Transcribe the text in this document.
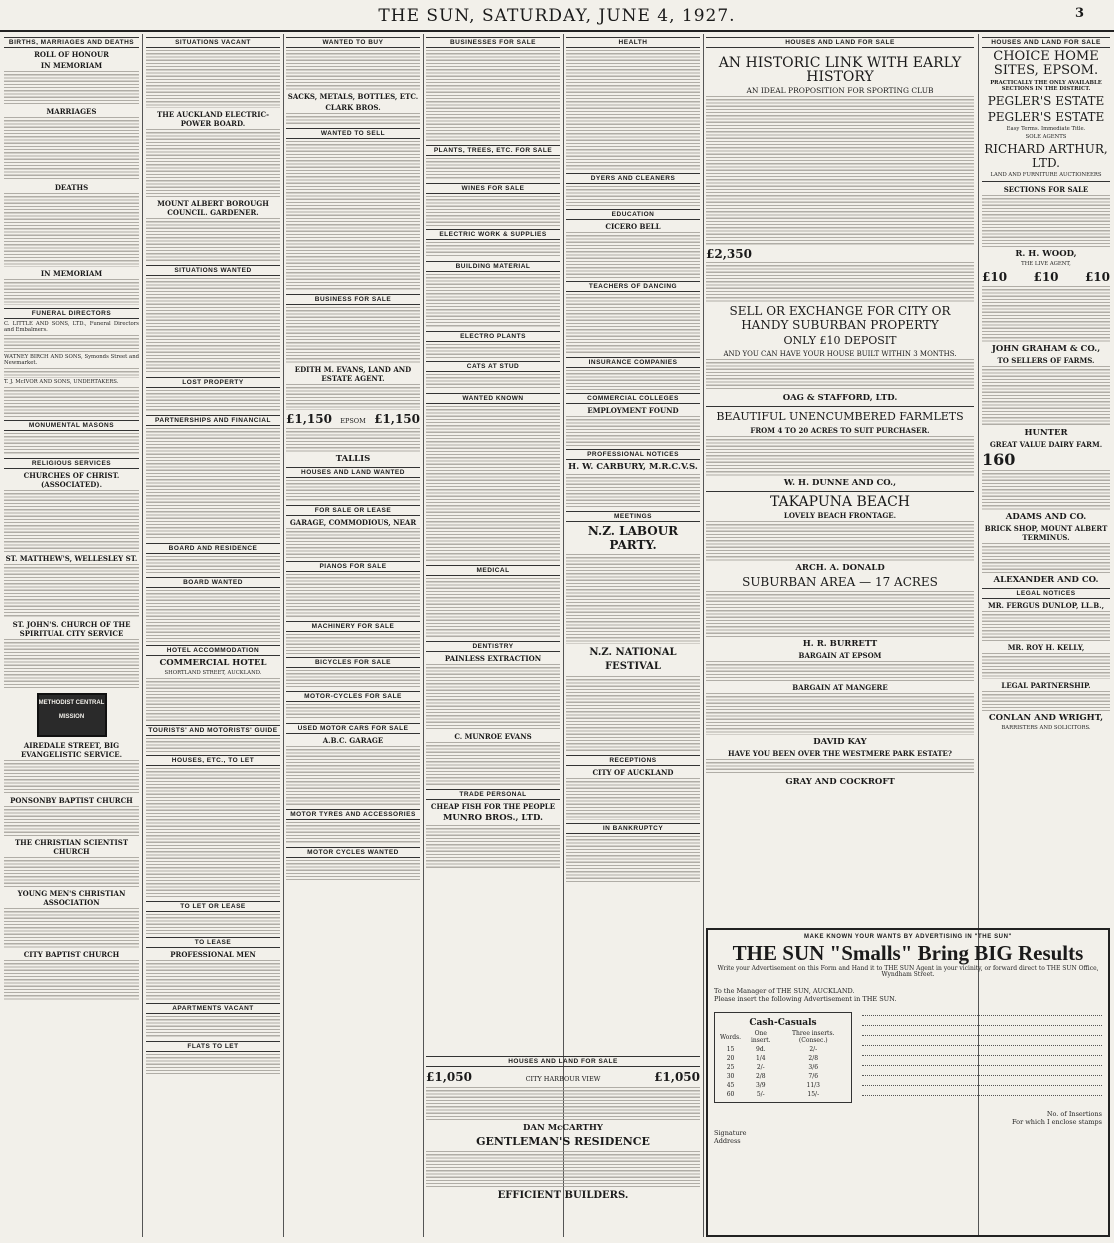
THE SUN, SATURDAY, JUNE 4, 1927.	3
BIRTHS, MARRIAGES AND DEATHS
ROLL OF HONOUR
IN MEMORIAM
MARRIAGES
DEATHS
IN MEMORIAM
FUNERAL DIRECTORS
C. LITTLE AND SONS, LTD., Funeral Directors and Embalmers.
WATNEY BIRCH AND SONS, Symonds Street and Newmarket.
T. J. McIVOR AND SONS, UNDERTAKERS.
MONUMENTAL MASONS
RELIGIOUS SERVICES
CHURCHES OF CHRIST. (ASSOCIATED).
ST. MATTHEW'S, WELLESLEY ST.
ST. JOHN'S. CHURCH OF THE SPIRITUAL CITY SERVICE
METHODIST CENTRAL MISSION
AIREDALE STREET, BIG EVANGELISTIC SERVICE.
PONSONBY BAPTIST CHURCH
THE CHRISTIAN SCIENTIST CHURCH
YOUNG MEN'S CHRISTIAN ASSOCIATION
CITY BAPTIST CHURCH
SITUATIONS VACANT
THE AUCKLAND ELECTRIC-POWER BOARD.
MOUNT ALBERT BOROUGH COUNCIL. GARDENER.
SITUATIONS WANTED
LOST PROPERTY
PARTNERSHIPS AND FINANCIAL
BOARD AND RESIDENCE
BOARD WANTED
HOTEL ACCOMMODATION
COMMERCIAL HOTEL
SHORTLAND STREET, AUCKLAND.
TOURISTS' AND MOTORISTS' GUIDE
HOUSES, ETC., TO LET
TO LET OR LEASE
TO LEASE
PROFESSIONAL MEN
APARTMENTS VACANT
FLATS TO LET
WANTED TO BUY
SACKS, METALS, BOTTLES, ETC.
CLARK BROS.
WANTED TO SELL
BUSINESS FOR SALE
EDITH M. EVANS, LAND AND ESTATE AGENT.
£1,150 EPSOM £1,150
TALLIS
HOUSES AND LAND WANTED
FOR SALE OR LEASE
GARAGE, COMMODIOUS, NEAR
PIANOS FOR SALE
MACHINERY FOR SALE
BICYCLES FOR SALE
MOTOR-CYCLES FOR SALE
USED MOTOR CARS FOR SALE
A.B.C. GARAGE
MOTOR TYRES AND ACCESSORIES
MOTOR CYCLES WANTED
BUSINESSES FOR SALE
PLANTS, TREES, ETC. FOR SALE
WINES FOR SALE
ELECTRIC WORK & SUPPLIES
BUILDING MATERIAL
ELECTRO PLANTS
CATS AT STUD
WANTED KNOWN
MEDICAL
DENTISTRY
PAINLESS EXTRACTION
C. MUNROE EVANS
TRADE PERSONAL
CHEAP FISH FOR THE PEOPLE
MUNRO BROS., LTD.
HOUSES AND LAND FOR SALE
£1,050	CITY HARBOUR VIEW	£1,050
DAN McCARTHY
GENTLEMAN'S RESIDENCE
EFFICIENT BUILDERS.
HEALTH
DYERS AND CLEANERS
EDUCATION
CICERO BELL
TEACHERS OF DANCING
INSURANCE COMPANIES
COMMERCIAL COLLEGES
EMPLOYMENT FOUND
PROFESSIONAL NOTICES
H. W. CARBURY, M.R.C.V.S.
MEETINGS
N.Z. LABOUR PARTY.
N.Z. NATIONAL FESTIVAL
RECEPTIONS
CITY OF AUCKLAND
IN BANKRUPTCY
HOUSES AND LAND FOR SALE
AN HISTORIC LINK WITH EARLY HISTORY
AN IDEAL PROPOSITION FOR SPORTING CLUB
£2,350
SELL OR EXCHANGE FOR CITY OR HANDY SUBURBAN PROPERTY
ONLY £10 DEPOSIT
AND YOU CAN HAVE YOUR HOUSE BUILT WITHIN 3 MONTHS.
OAG & STAFFORD, LTD.
BEAUTIFUL UNENCUMBERED FARMLETS
FROM 4 TO 20 ACRES TO SUIT PURCHASER.
W. H. DUNNE AND CO.,
TAKAPUNA BEACH
LOVELY BEACH FRONTAGE.
ARCH. A. DONALD
SUBURBAN AREA — 17 ACRES
H. R. BURRETT
BARGAIN AT EPSOM
BARGAIN AT MANGERE
DAVID KAY
HAVE YOU BEEN OVER THE WESTMERE PARK ESTATE?
GRAY AND COCKROFT
MAKE KNOWN YOUR WANTS BY ADVERTISING IN "THE SUN"
THE SUN "Smalls" Bring BIG Results
Write your Advertisement on this Form and Hand it to THE SUN Agent in your vicinity, or forward direct to THE SUN Office, Wyndham Street.
To the Manager of THE SUN, AUCKLAND.
Please insert the following Advertisement in THE SUN.
Cash-Casuals
Words.	One insert.	Three inserts. (Consec.)
15	9d.	2/-
20	1/4	2/8
25	2/-	3/6
30	2/8	7/6
45	3/9	11/3
60	5/-	15/-
No. of Insertions
For which I enclose stamps
Signature
Address
HOUSES AND LAND FOR SALE
CHOICE HOME SITES, EPSOM.
PRACTICALLY THE ONLY AVAILABLE SECTIONS IN THE DISTRICT.
PEGLER'S ESTATE
PEGLER'S ESTATE
Easy Terms. Immediate Title.
SOLE AGENTS
RICHARD ARTHUR, LTD.
LAND AND FURNITURE AUCTIONEERS
SECTIONS FOR SALE
R. H. WOOD,
THE LIVE AGENT,
£10 £10 £10
JOHN GRAHAM & CO.,
TO SELLERS OF FARMS.
HUNTER
GREAT VALUE DAIRY FARM.
160
ADAMS AND CO.
BRICK SHOP, MOUNT ALBERT TERMINUS.
ALEXANDER AND CO.
LEGAL NOTICES
MR. FERGUS DUNLOP, LL.B.,
MR. ROY H. KELLY,
LEGAL PARTNERSHIP.
CONLAN AND WRIGHT,
BARRISTERS AND SOLICITORS.
